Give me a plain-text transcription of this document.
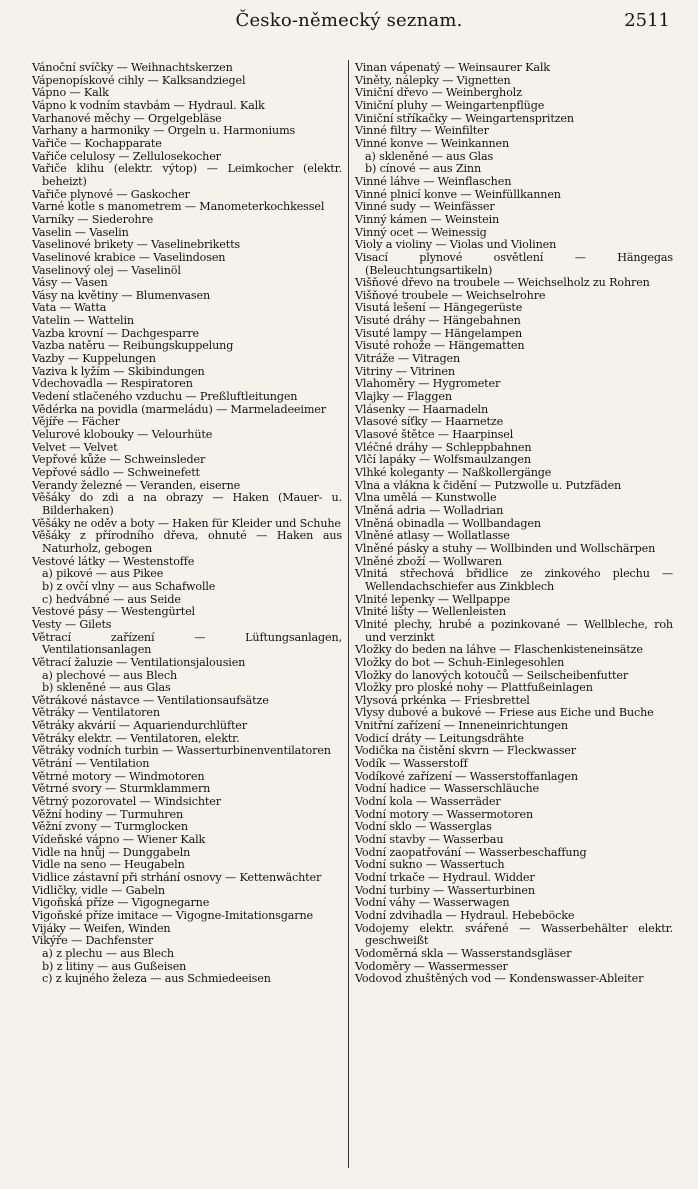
Česko-německý seznam.	2511
Vánoční svíčky — Weihnachtskerzen
Vápenopískové cihly — Kalksandziegel
Vápno — Kalk
Vápno k vodním stavbám — Hydraul. Kalk
Varhanové měchy — Orgelgebläse
Varhany a harmoniky — Orgeln u. Harmoniums
Vařiče — Kochapparate
Vařiče celulosy — Zellulosekocher
Vařiče klihu (elektr. výtop) — Leimkocher (elektr. beheizt)
Vařiče plynové — Gaskocher
Varné kotle s manometrem — Manometerkochkessel
Varníky — Siederohre
Vaselin — Vaselin
Vaselinové brikety — Vaselinebriketts
Vaselinové krabice — Vaselindosen
Vaselinový olej — Vaselinöl
Vásy — Vasen
Vásy na květiny — Blumenvasen
Vata — Watta
Vatelin — Wattelin
Vazba krovní — Dachgesparre
Vazba natěru — Reibungskuppelung
Vazby — Kuppelungen
Vaziva k lyžím — Skibindungen
Vdechovadla — Respiratoren
Vedení stlačeného vzduchu — Preßluftleitungen
Vědérka na povidla (marmeládu) — Marmeladeeimer
Vějíře — Fächer
Velurové klobouky — Velourhüte
Velvet — Velvet
Vepřové kůže — Schweinsleder
Vepřové sádlo — Schweinefett
Verandy železné — Veranden, eiserne
Věšáky do zdi a na obrazy — Haken (Mauer- u. Bilderhaken)
Věšáky ne oděv a boty — Haken für Kleider und Schuhe
Věšáky z přírodního dřeva, ohnuté — Haken aus Naturholz, gebogen
Vestové látky — Westenstoffe
a) pikové — aus Pikee
b) z ovčí vlny — aus Schafwolle
c) hedvábné — aus Seide
Vestové pásy — Westengürtel
Vesty — Gilets
Větrací zařízení — Lüftungsanlagen, Ventilationsanlagen
Větrací žaluzie — Ventilationsjalousien
a) plechové — aus Blech
b) skleněné — aus Glas
Větrákové nástavce — Ventilationsaufsätze
Větráky — Ventilatoren
Větráky akvárií — Aquariendurchlüfter
Větráky elektr. — Ventilatoren, elektr.
Větráky vodních turbin — Wasserturbinenventilatoren
Větrání — Ventilation
Větrné motory — Windmotoren
Větrné svory — Sturmklammern
Větrný pozorovatel — Windsichter
Věžní hodiny — Turmuhren
Věžní zvony — Turmglocken
Vídeňské vápno — Wiener Kalk
Vidle na hnůj — Dunggabeln
Vidle na seno — Heugabeln
Vidlice zástavní při strhání osnovy — Kettenwächter
Vidličky, vidle — Gabeln
Vigoňská příze — Vigognegarne
Vigoňské příze imitace — Vigogne-Imitationsgarne
Vijáky — Weifen, Winden
Vikýře — Dachfenster
a) z plechu — aus Blech
b) z litiny — aus Gußeisen
c) z kujného železa — aus Schmiedeeisen
Vinan vápenatý — Weinsaurer Kalk
Viněty, nálepky — Vignetten
Viniční dřevo — Weinbergholz
Viniční pluhy — Weingartenpflüge
Viniční stříkačky — Weingartenspritzen
Vinné filtry — Weinfilter
Vinné konve — Weinkannen
a) skleněné — aus Glas
b) cínové — aus Zinn
Vinné láhve — Weinflaschen
Vinné plnicí konve — Weinfüllkannen
Vinné sudy — Weinfässer
Vinný kámen — Weinstein
Vinný ocet — Weinessig
Violy a violiny — Violas und Violinen
Visací plynové osvětlení — Hängegas (Beleuchtungsartikeln)
Višňové dřevo na troubele — Weichselholz zu Rohren
Višňové troubele — Weichselrohre
Visutá lešení — Hängegerüste
Visuté dráhy — Hängebahnen
Visuté lampy — Hängelampen
Visuté rohože — Hängematten
Vitráže — Vitragen
Vitriny — Vitrinen
Vlahoměry — Hygrometer
Vlajky — Flaggen
Vlásenky — Haarnadeln
Vlasové síťky — Haarnetze
Vlasové štětce — Haarpinsel
Vléčné dráhy — Schleppbahnen
Vlčí lapáky — Wolfsmaulzangen
Vlhké koleganty — Naßkollergänge
Vlna a vlákna k čidění — Putzwolle u. Putzfäden
Vlna umělá — Kunstwolle
Vlněná adria — Wolladrian
Vlněná obinadla — Wollbandagen
Vlněné atlasy — Wollatlasse
Vlněné pásky a stuhy — Wollbinden und Wollschärpen
Vlněné zboží — Wollwaren
Vlnitá střechová břidlice ze zinkového plechu — Wellendachschiefer aus Zinkblech
Vlnité lepenky — Wellpappe
Vlnité lišty — Wellenleisten
Vlnité plechy, hrubé a pozinkované — Wellbleche, roh und verzinkt
Vložky do beden na láhve — Flaschenkisteneinsätze
Vložky do bot — Schuh-Einlegesohlen
Vložky do lanových kotoučů — Seilscheibenfutter
Vložky pro ploské nohy — Plattfußeinlagen
Vlysová prkénka — Friesbrettel
Vlysy dubové a bukové — Friese aus Eiche und Buche
Vnitřní zařízení — Inneneinrichtungen
Vodicí dráty — Leitungsdrähte
Vodička na čistění skvrn — Fleckwasser
Vodík — Wasserstoff
Vodíkové zařízení — Wasserstoffanlagen
Vodní hadice — Wasserschläuche
Vodní kola — Wasserräder
Vodní motory — Wassermotoren
Vodní sklo — Wasserglas
Vodní stavby — Wasserbau
Vodní zaopatřování — Wasserbeschaffung
Vodní sukno — Wassertuch
Vodní trkače — Hydraul. Widder
Vodní turbiny — Wasserturbinen
Vodní váhy — Wasserwagen
Vodní zdvihadla — Hydraul. Hebeböcke
Vodojemy elektr. svářené — Wasserbehälter elektr. geschweißt
Vodoměrná skla — Wasserstandsgläser
Vodoměry — Wassermesser
Vodovod zhuštěných vod — Kondenswasser-Ableiter
